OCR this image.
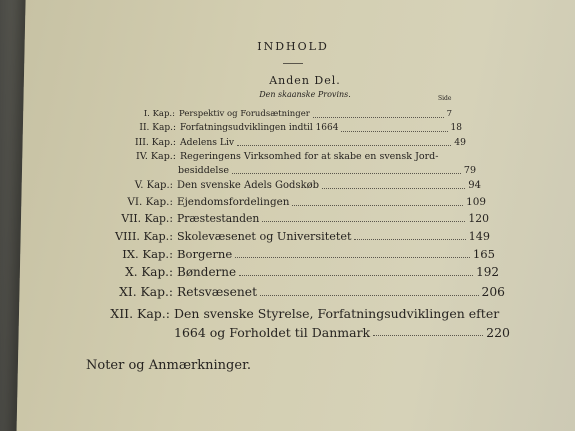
INDHOLD
Anden Del.
Den skaanske Provins.	Side
I. Kap.: Perspektiv og Forudsætninger	7
II. Kap.: Forfatningsudviklingen indtil 1664	18
III. Kap.: Adelens Liv	49
IV. Kap.: Regeringens Virksomhed for at skabe en svensk Jord-
besiddelse	79
V. Kap.: Den svenske Adels Godskøb	94
VI. Kap.: Ejendomsfordelingen	109
VII. Kap.: Præstestanden	120
VIII. Kap.: Skolevæsenet og Universitetet	149
IX. Kap.: Borgerne	165
X. Kap.: Bønderne	192
XI. Kap.: Retsvæsenet	206
XII. Kap.: Den svenske Styrelse, Forfatningsudviklingen efter
1664 og Forholdet til Danmark	220
Noter og Anmærkninger.
